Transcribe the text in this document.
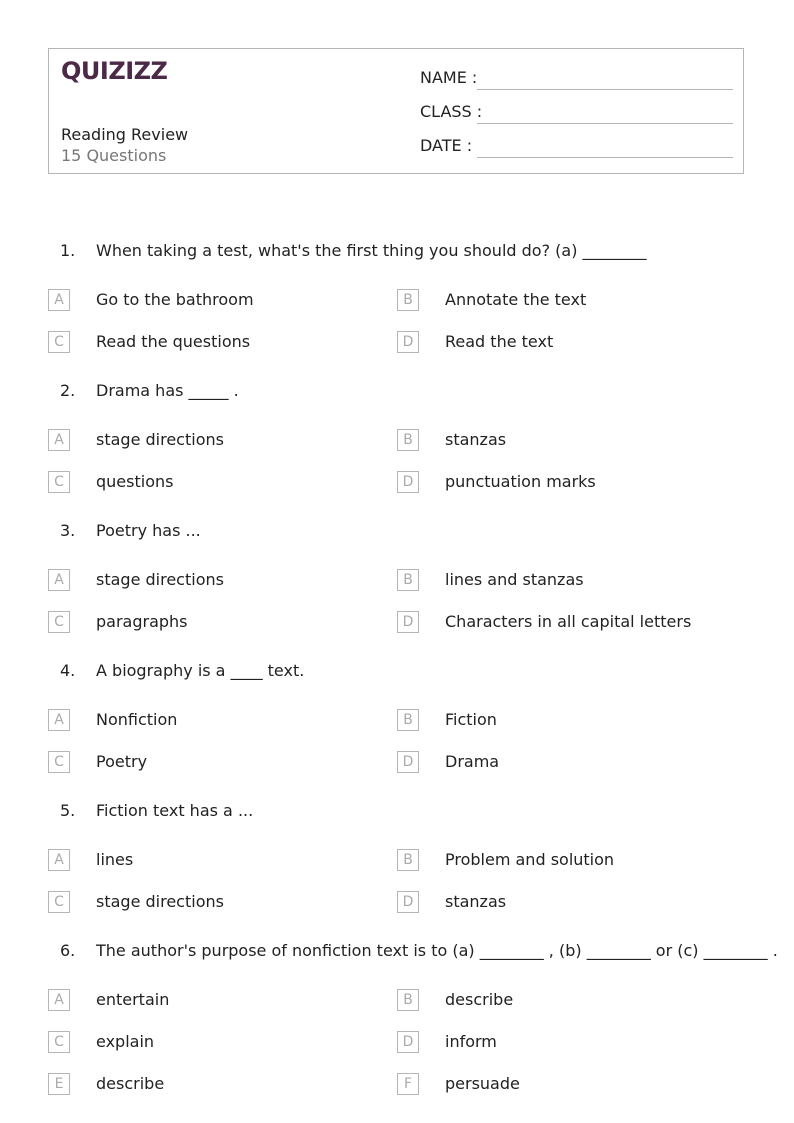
QUIZIZZ
Reading Review
15 Questions
NAME :
CLASS :
DATE :
1. When taking a test, what's the first thing you should do? (a) ________
A	Go to the bathroom	B	Annotate the text
C	Read the questions	D	Read the text
2. Drama has _____ .
A	stage directions	B	stanzas
C	questions	D	punctuation marks
3. Poetry has ...
A	stage directions	B	lines and stanzas
C	paragraphs	D	Characters in all capital letters
4. A biography is a ____ text.
A	Nonfiction	B	Fiction
C	Poetry	D	Drama
5. Fiction text has a ...
A	lines	B	Problem and solution
C	stage directions	D	stanzas
6. The author's purpose of nonfiction text is to (a) ________ , (b) ________ or (c) ________ .
A	entertain	B	describe
C	explain	D	inform
E	describe	F	persuade
